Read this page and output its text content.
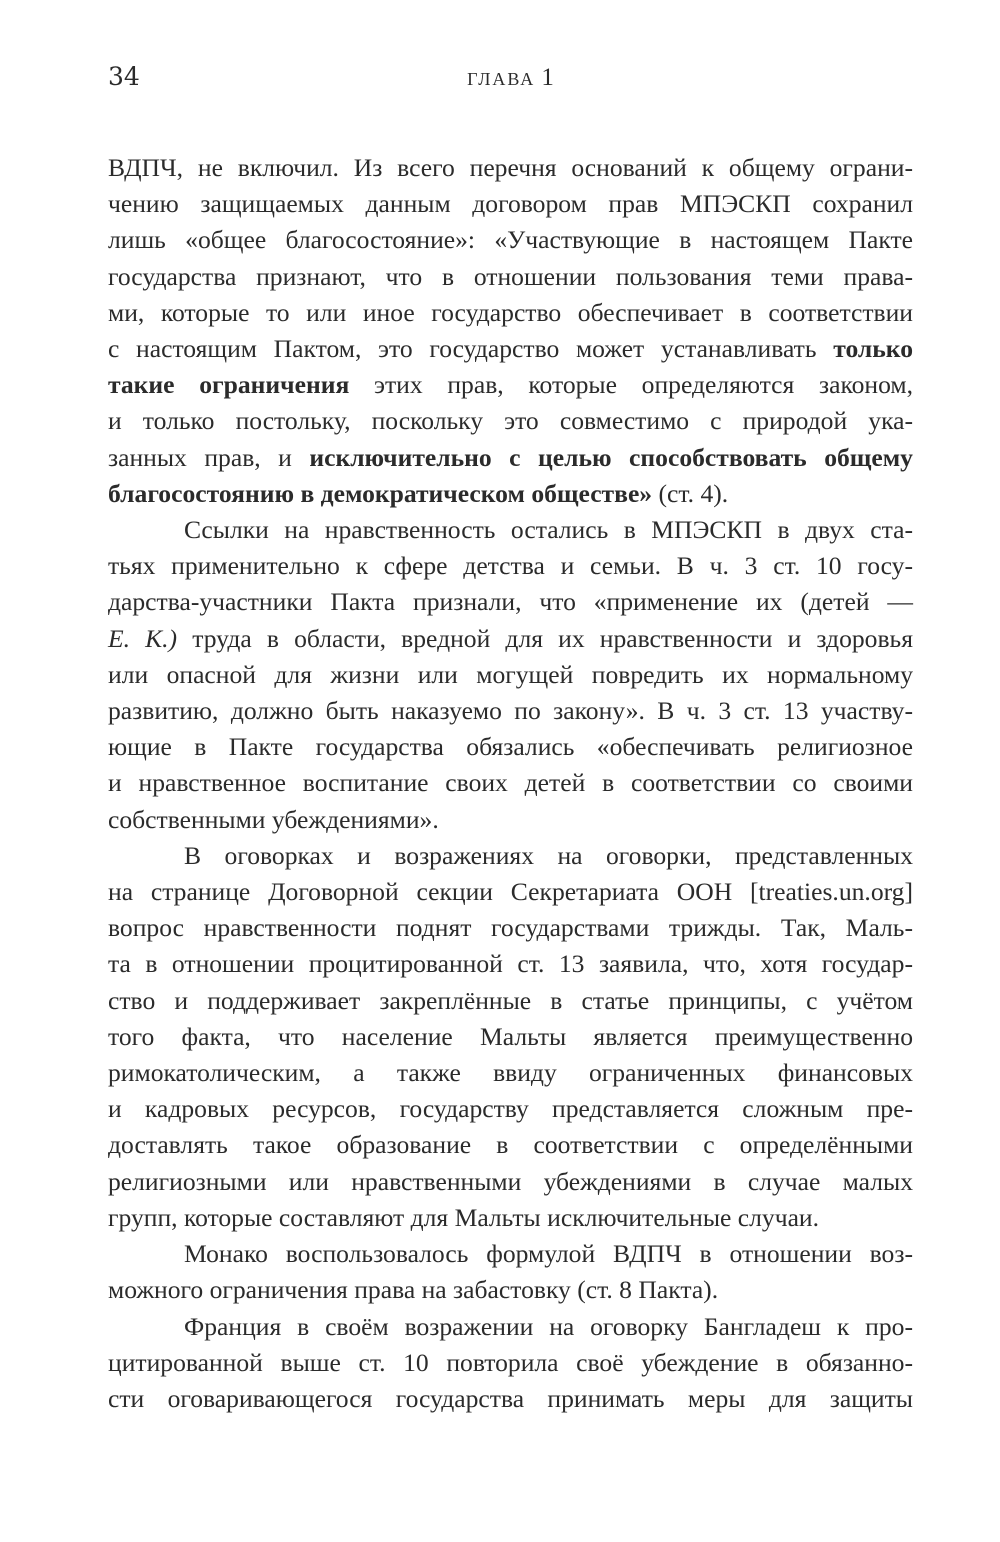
34	ГЛАВА 1
ВДПЧ, не включил. Из всего перечня оснований к общему ограни-
чению защищаемых данным договором прав МПЭСКП сохранил
лишь «общее благосостояние»: «Участвующие в настоящем Пакте
государства признают, что в отношении пользования теми права-
ми, которые то или иное государство обеспечивает в соответствии
с настоящим Пактом, это государство может устанавливать только
такие ограничения этих прав, которые определяются законом,
и только постольку, поскольку это совместимо с природой ука-
занных прав, и исключительно с целью способствовать общему
благосостоянию в демократическом обществе» (ст. 4).
Ссылки на нравственность остались в МПЭСКП в двух ста-
тьях применительно к сфере детства и семьи. В ч. 3 ст. 10 госу-
дарства-участники Пакта признали, что «применение их (детей —
Е. К.) труда в области, вредной для их нравственности и здоровья
или опасной для жизни или могущей повредить их нормальному
развитию, должно быть наказуемо по закону». В ч. 3 ст. 13 участву-
ющие в Пакте государства обязались «обеспечивать религиозное
и нравственное воспитание своих детей в соответствии со своими
собственными убеждениями».
В оговорках и возражениях на оговорки, представленных
на странице Договорной секции Секретариата ООН [treaties.un.org]
вопрос нравственности поднят государствами трижды. Так, Маль-
та в отношении процитированной ст. 13 заявила, что, хотя государ-
ство и поддерживает закреплённые в статье принципы, с учётом
того факта, что население Мальты является преимущественно
римокатолическим, а также ввиду ограниченных финансовых
и кадровых ресурсов, государству представляется сложным пре-
доставлять такое образование в соответствии с определёнными
религиозными или нравственными убеждениями в случае малых
групп, которые составляют для Мальты исключительные случаи.
Монако воспользовалось формулой ВДПЧ в отношении воз-
можного ограничения права на забастовку (ст. 8 Пакта).
Франция в своём возражении на оговорку Бангладеш к про-
цитированной выше ст. 10 повторила своё убеждение в обязанно-
сти оговаривающегося государства принимать меры для защиты
